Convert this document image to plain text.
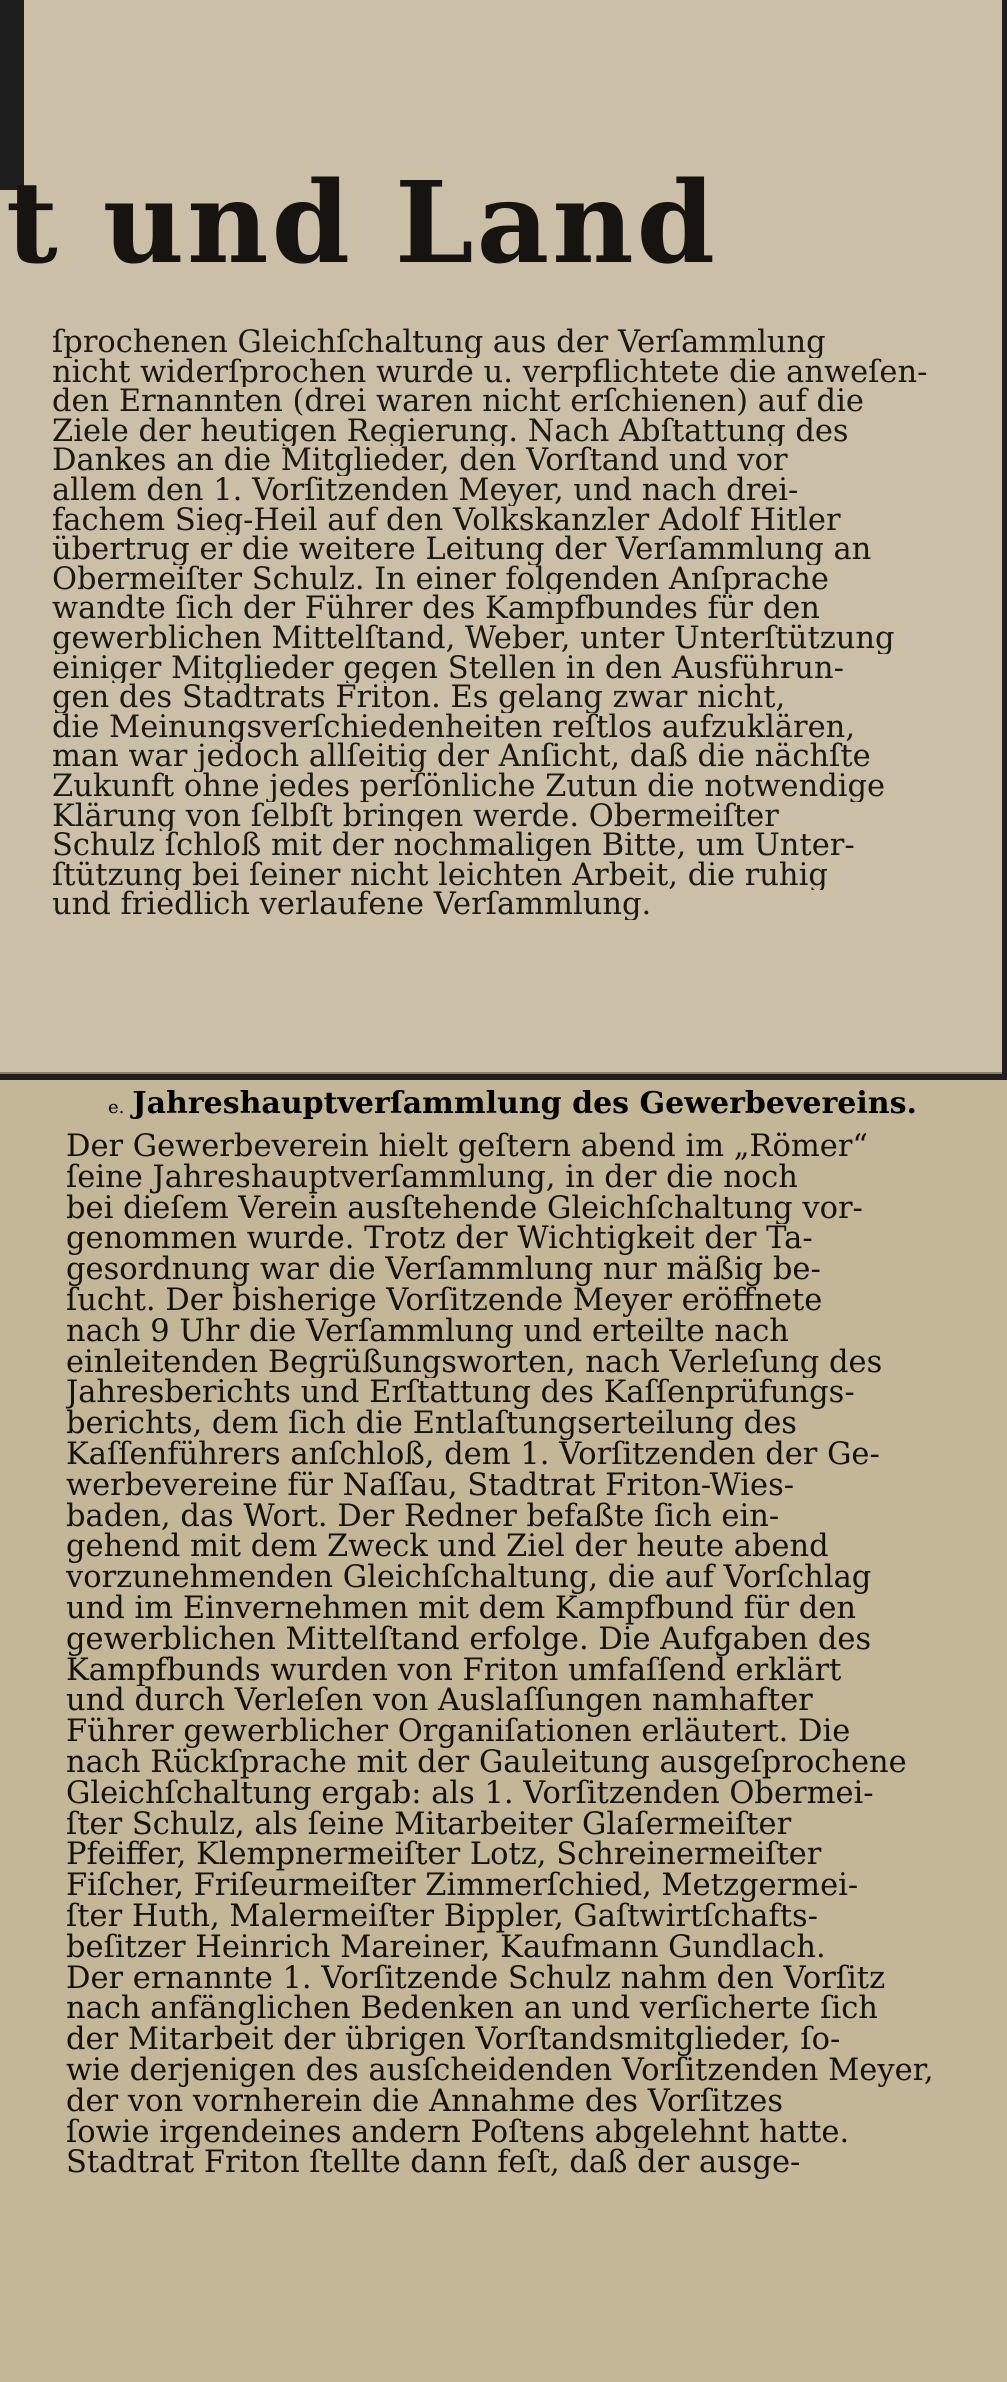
t und Land
ſprochenen Gleichſchaltung aus der Verſammlung
nicht widerſprochen wurde u. verpflichtete die anweſen-
den Ernannten (drei waren nicht erſchienen) auf die
Ziele der heutigen Regierung. Nach Abſtattung des
Dankes an die Mitglieder, den Vorſtand und vor
allem den 1. Vorſitzenden Meyer, und nach drei-
fachem Sieg-Heil auf den Volkskanzler Adolf Hitler
übertrug er die weitere Leitung der Verſammlung an
Obermeiſter Schulz. In einer folgenden Anſprache
wandte ſich der Führer des Kampfbundes für den
gewerblichen Mittelſtand, Weber, unter Unterſtützung
einiger Mitglieder gegen Stellen in den Ausführun-
gen des Stadtrats Friton. Es gelang zwar nicht,
die Meinungsverſchiedenheiten reſtlos aufzuklären,
man war jedoch allſeitig der Anſicht, daß die nächſte
Zukunft ohne jedes perſönliche Zutun die notwendige
Klärung von ſelbſt bringen werde. Obermeiſter
Schulz ſchloß mit der nochmaligen Bitte, um Unter-
ſtützung bei ſeiner nicht leichten Arbeit, die ruhig
und friedlich verlaufene Verſammlung.
e. Jahreshauptverſammlung des Gewerbevereins.
Der Gewerbeverein hielt geſtern abend im „Römer“
ſeine Jahreshauptverſammlung, in der die noch
bei dieſem Verein ausſtehende Gleichſchaltung vor-
genommen wurde. Trotz der Wichtigkeit der Ta-
gesordnung war die Verſammlung nur mäßig be-
ſucht. Der bisherige Vorſitzende Meyer eröffnete
nach 9 Uhr die Verſammlung und erteilte nach
einleitenden Begrüßungsworten, nach Verleſung des
Jahresberichts und Erſtattung des Kaſſenprüfungs-
berichts, dem ſich die Entlaſtungserteilung des
Kaſſenführers anſchloß, dem 1. Vorſitzenden der Ge-
werbevereine für Naſſau, Stadtrat Friton-Wies-
baden, das Wort. Der Redner befaßte ſich ein-
gehend mit dem Zweck und Ziel der heute abend
vorzunehmenden Gleichſchaltung, die auf Vorſchlag
und im Einvernehmen mit dem Kampfbund für den
gewerblichen Mittelſtand erfolge. Die Aufgaben des
Kampfbunds wurden von Friton umfaſſend erklärt
und durch Verleſen von Auslaſſungen namhafter
Führer gewerblicher Organiſationen erläutert. Die
nach Rückſprache mit der Gauleitung ausgeſprochene
Gleichſchaltung ergab: als 1. Vorſitzenden Obermei-
ſter Schulz, als ſeine Mitarbeiter Glaſermeiſter
Pfeiffer, Klempnermeiſter Lotz, Schreinermeiſter
Fiſcher, Friſeurmeiſter Zimmerſchied, Metzgermei-
ſter Huth, Malermeiſter Bippler, Gaſtwirtſchafts-
beſitzer Heinrich Mareiner, Kaufmann Gundlach.
Der ernannte 1. Vorſitzende Schulz nahm den Vorſitz
nach anfänglichen Bedenken an und verſicherte ſich
der Mitarbeit der übrigen Vorſtandsmitglieder, ſo-
wie derjenigen des ausſcheidenden Vorſitzenden Meyer,
der von vornherein die Annahme des Vorſitzes
ſowie irgendeines andern Poſtens abgelehnt hatte.
Stadtrat Friton ſtellte dann feſt, daß der ausge-
